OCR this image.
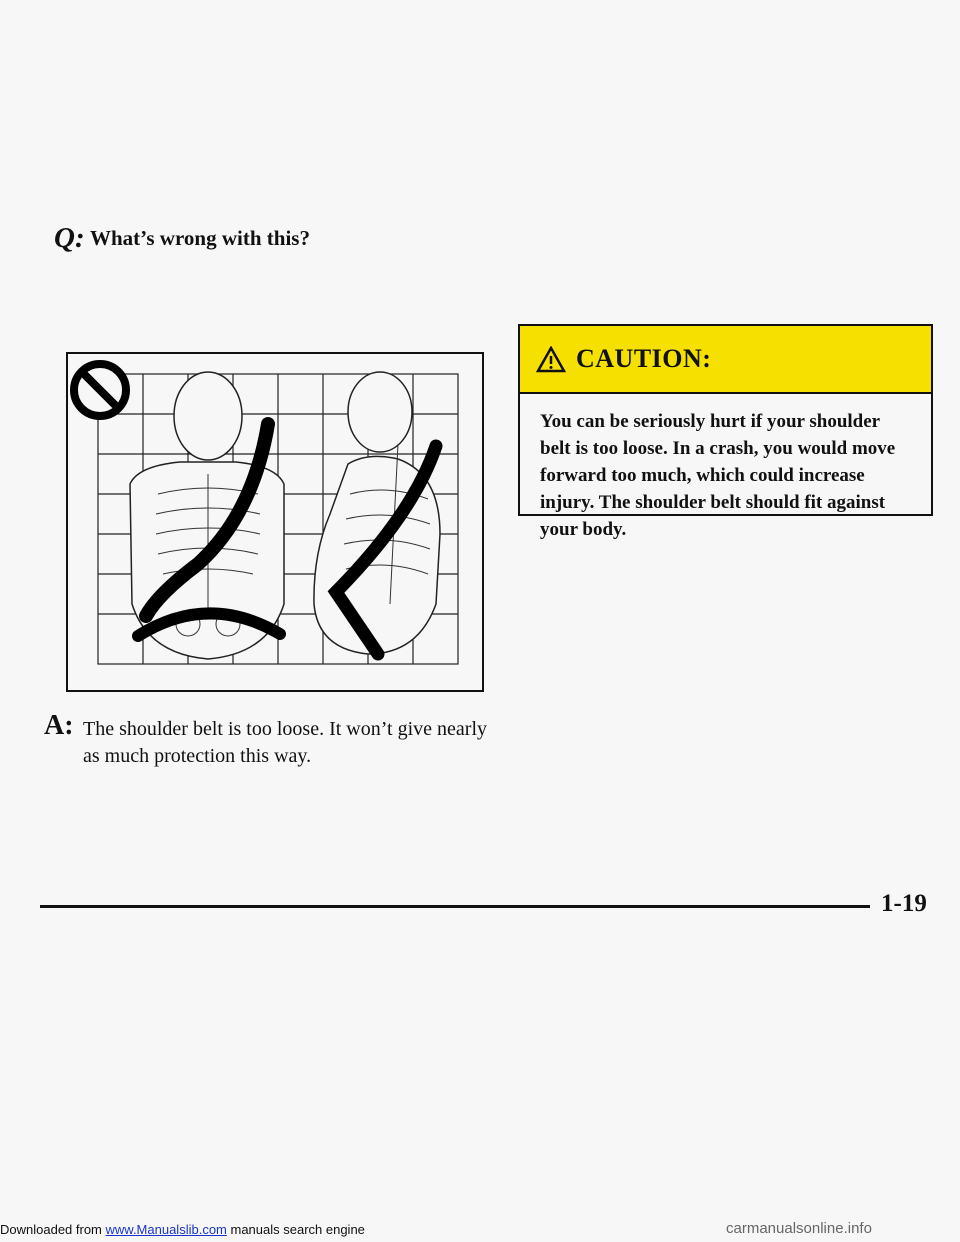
Q: What’s wrong with this?
A: The shoulder belt is too loose. It won’t give nearly as much protection this way.
CAUTION:
You can be seriously hurt if your shoulder belt is too loose. In a crash, you would move forward too much, which could increase injury. The shoulder belt should fit against your body.
1-19
Downloaded from www.Manualslib.com manuals search engine	carmanualsonline.info
